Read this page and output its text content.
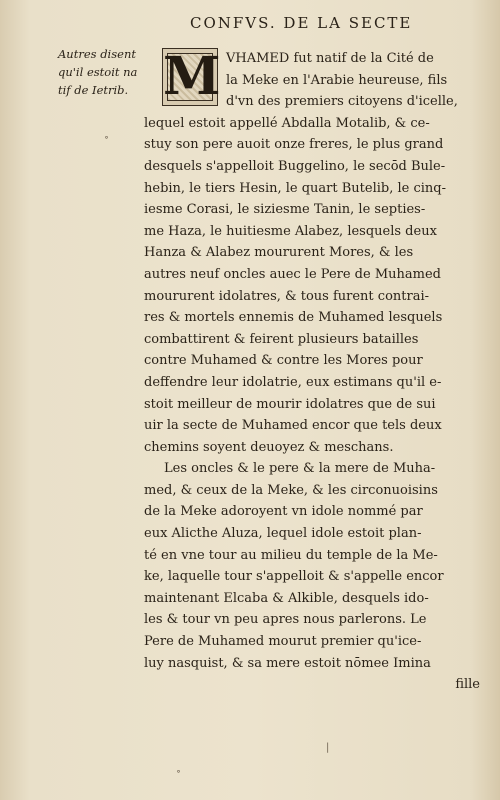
CONFVS. DE LA SECTE
Autres disent
qu'il estoit na
tif de Ietrib. M VHAMED fut natif de la Cité de
la Meke en l'Arabie heureuse, fils
d'vn des premiers citoyens d'icelle,
lequel estoit appellé Abdalla Motalib, & ce-
stuy son pere auoit onze freres, le plus grand
desquels s'appelloit Buggelino, le secōd Bule-
hebin, le tiers Hesin, le quart Butelib, le cinq-
iesme Corasi, le siziesme Tanin, le septies-
me Haza, le huitiesme Alabez, lesquels deux
Hanza & Alabez moururent Mores, & les
autres neuf oncles auec le Pere de Muhamed
moururent idolatres, & tous furent contrai-
res & mortels ennemis de Muhamed lesquels
combattirent & feirent plusieurs batailles
contre Muhamed & contre les Mores pour
deffendre leur idolatrie, eux estimans qu'il e-
stoit meilleur de mourir idolatres que de sui
uir la secte de Muhamed encor que tels deux
chemins soyent deuoyez & meschans.
Les oncles & le pere & la mere de Muha-
med, & ceux de la Meke, & les circonuoisins
de la Meke adoroyent vn idole nommé par
eux Alicthe Aluza, lequel idole estoit plan-
té en vne tour au milieu du temple de la Me-
ke, laquelle tour s'appelloit & s'appelle encor
maintenant Elcaba & Alkible, desquels ido-
les & tour vn peu apres nous parlerons. Le
Pere de Muhamed mourut premier qu'ice-
luy nasquist, & sa mere estoit nōmee Imina
fille
˳
|
˳
